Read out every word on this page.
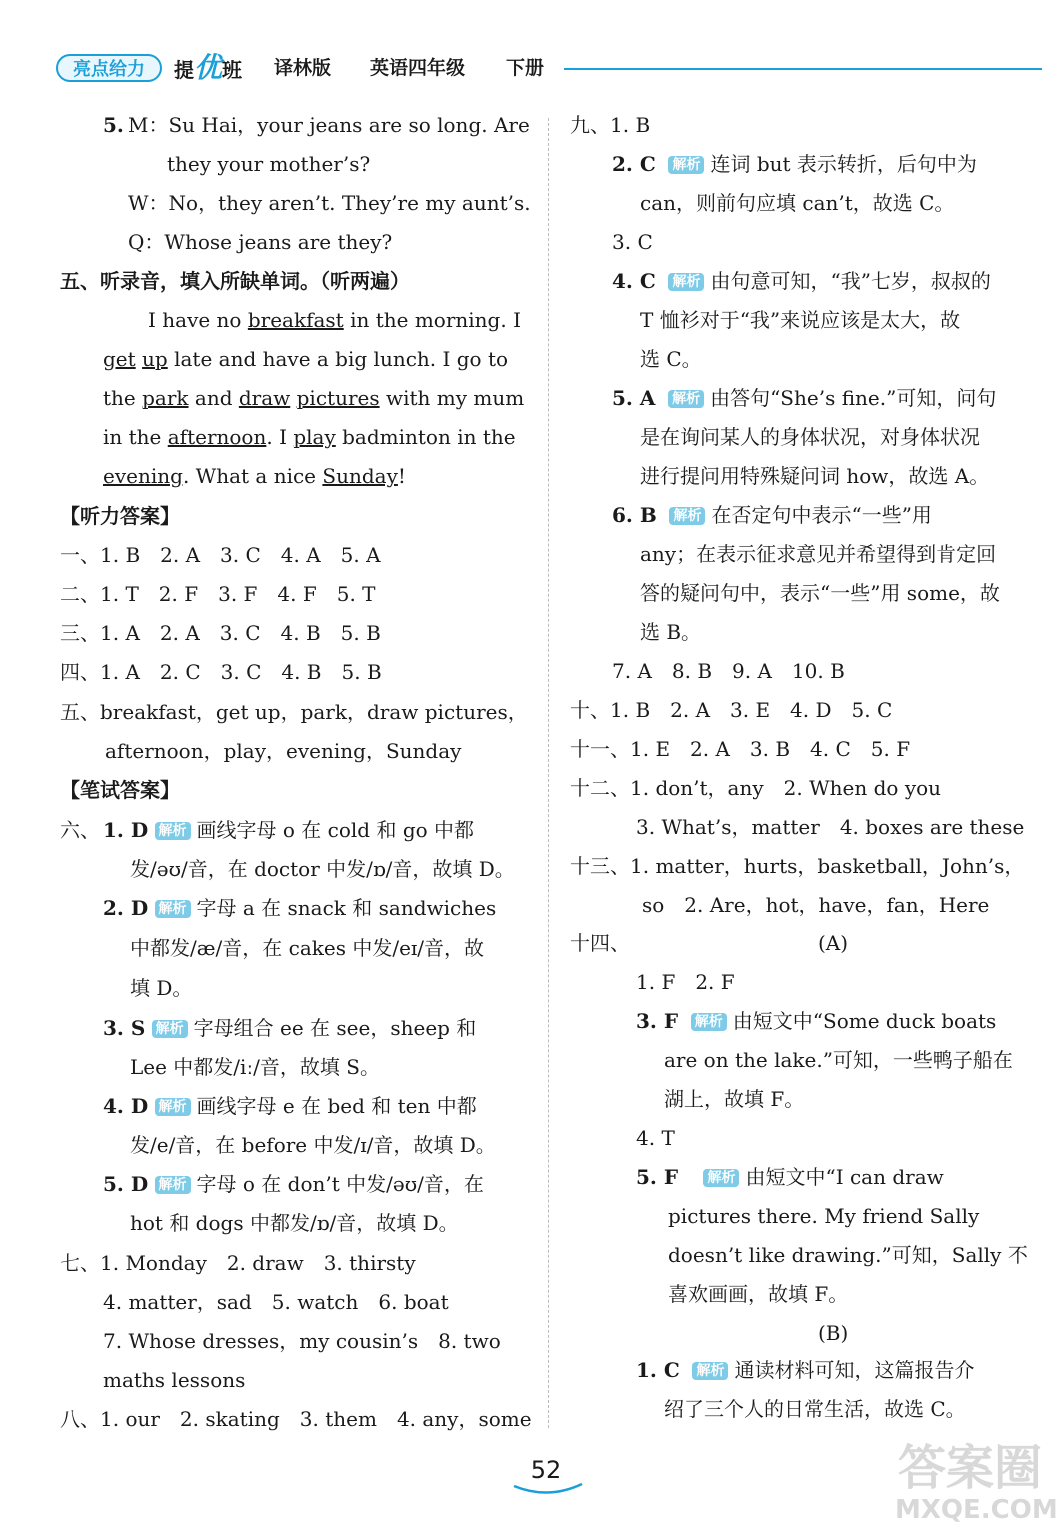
亮点给力	提优班 译林版 英语四年级 下册
5. M：Su Hai，your jeans are so long. Are
they your mother’s?
W：No，they aren’t. They’re my aunt’s.
Q：Whose jeans are they?
五、听录音，填入所缺单词。（听两遍）
I have no breakfast in the morning. I
get up late and have a big lunch. I go to
the park and draw pictures with my mum
in the afternoon. I play badminton in the
evening. What a nice Sunday!
【听力答案】
一、1. B　2. A　3. C　4. A　5. A
二、1. T　2. F　3. F　4. F　5. T
三、1. A　2. A　3. C　4. B　5. B
四、1. A　2. C　3. C　4. B　5. B
五、breakfast，get up，park，draw pictures，
afternoon，play，evening，Sunday
【笔试答案】
六、 1. D 解析 画线字母 o 在 cold 和 go 中都
发/əʊ/音，在 doctor 中发/ɒ/音，故填 D。
2. D 解析 字母 a 在 snack 和 sandwiches
中都发/æ/音，在 cakes 中发/eɪ/音，故
填 D。
3. S 解析 字母组合 ee 在 see，sheep 和
Lee 中都发/iː/音，故填 S。
4. D 解析 画线字母 e 在 bed 和 ten 中都
发/e/音，在 before 中发/ɪ/音，故填 D。
5. D 解析 字母 o 在 don’t 中发/əʊ/音，在
hot 和 dogs 中都发/ɒ/音，故填 D。
七、1. Monday　2. draw　3. thirsty
4. matter，sad　5. watch　6. boat
7. Whose dresses，my cousin’s　8. two
maths lessons
八、1. our　2. skating　3. them　4. any，some
九、1. B
2. C 解析 连词 but 表示转折，后句中为
can，则前句应填 can’t，故选 C。
3. C
4. C 解析 由句意可知，“我”七岁，叔叔的
T 恤衫对于“我”来说应该是太大，故
选 C。
5. A 解析 由答句“She’s fine.”可知，问句
是在询问某人的身体状况，对身体状况
进行提问用特殊疑问词 how，故选 A。
6. B 解析 在否定句中表示“一些”用
any；在表示征求意见并希望得到肯定回
答的疑问句中，表示“一些”用 some，故
选 B。
7. A　8. B　9. A　10. B
十、1. B　2. A　3. E　4. D　5. C
十一、1. E　2. A　3. B　4. C　5. F
十二、1. don’t，any　2. When do you
3. What’s，matter　4. boxes are these
十三、1. matter，hurts，basketball，John’s，
so　2. Are，hot，have，fan，Here
十四、	(A)
1. F　2. F
3. F 解析 由短文中“Some duck boats
are on the lake.”可知，一些鸭子船在
湖上，故填 F。
4. T
5. F 解析 由短文中“I can draw
pictures there. My friend Sally
doesn’t like drawing.”可知，Sally 不
喜欢画画，故填 F。
(B)
1. C 解析 通读材料可知，这篇报告介
绍了三个人的日常生活，故选 C。
52	答案圈
MXQE.COM
